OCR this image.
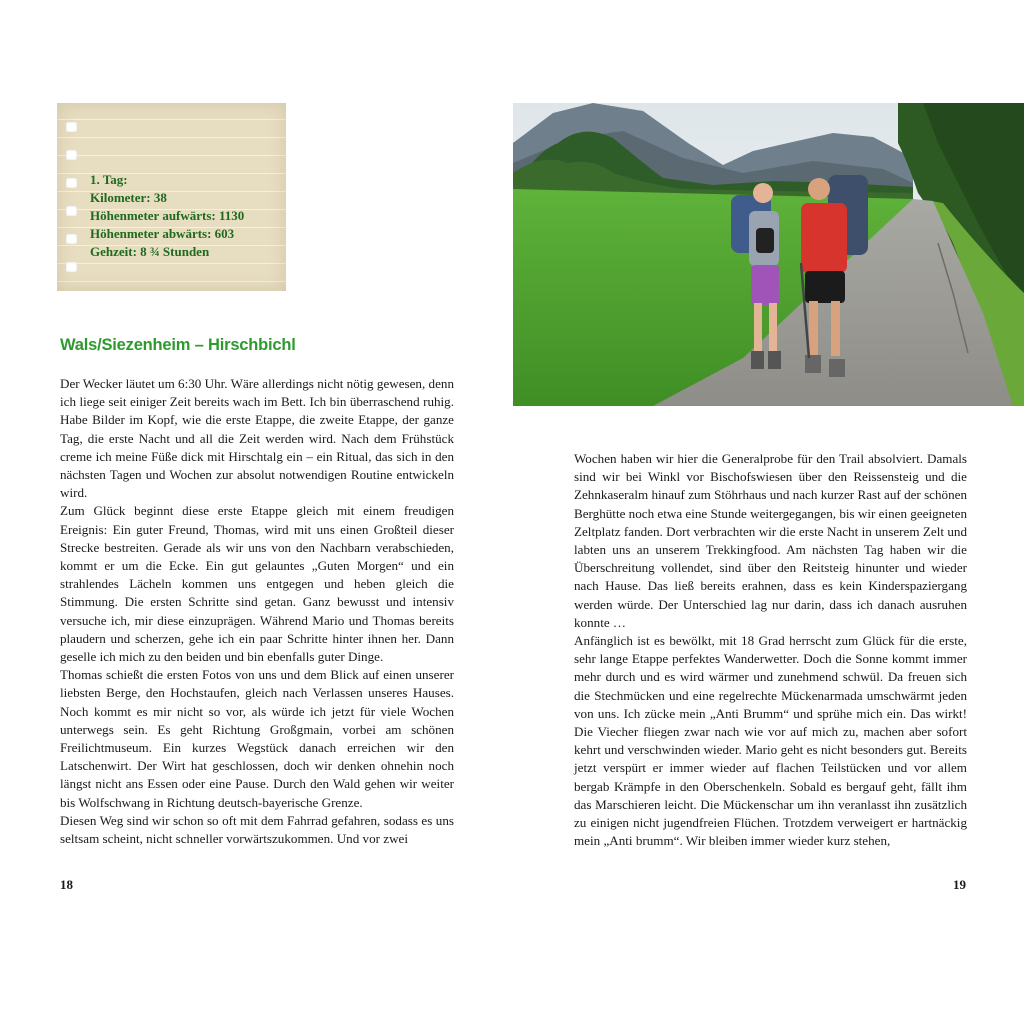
1. Tag:
Kilometer: 38
Höhenmeter aufwärts: 1130
Höhenmeter abwärts: 603
Gehzeit: 8 ¾ Stunden
Wals/Siezenheim – Hirschbichl

Der Wecker läutet um 6:30 Uhr. Wäre allerdings nicht nötig gewesen, denn ich liege seit einiger Zeit bereits wach im Bett. Ich bin überraschend ruhig. Habe Bilder im Kopf, wie die erste Etappe, die zweite Etappe, der ganze Tag, die erste Nacht und all die Zeit werden wird. Nach dem Frühstück creme ich meine Füße dick mit Hirschtalg ein – ein Ritual, das sich in den nächsten Tagen und Wochen zur absolut notwendigen Routine entwickeln wird.

Zum Glück beginnt diese erste Etappe gleich mit einem freudigen Ereignis: Ein guter Freund, Thomas, wird mit uns einen Großteil dieser Strecke bestreiten. Gerade als wir uns von den Nachbarn verabschieden, kommt er um die Ecke. Ein gut gelauntes „Guten Morgen“ und ein strahlendes Lächeln kommen uns entgegen und heben gleich die Stimmung. Die ersten Schritte sind getan. Ganz bewusst und intensiv versuche ich, mir diese einzuprägen. Während Mario und Thomas bereits plaudern und scherzen, gehe ich ein paar Schritte hinter ihnen her. Dann geselle ich mich zu den beiden und bin ebenfalls guter Dinge.

Thomas schießt die ersten Fotos von uns und dem Blick auf einen unserer liebsten Berge, den Hochstaufen, gleich nach Verlassen unseres Hauses. Noch kommt es mir nicht so vor, als würde ich jetzt für viele Wochen unterwegs sein. Es geht Richtung Großgmain, vorbei am schönen Freilichtmuseum. Ein kurzes Wegstück danach erreichen wir den Latschenwirt. Der Wirt hat geschlossen, doch wir denken ohnehin noch längst nicht ans Essen oder eine Pause. Durch den Wald gehen wir weiter bis Wolfschwang in Richtung deutsch-bayerische Grenze.

Diesen Weg sind wir schon so oft mit dem Fahrrad gefahren, sodass es uns seltsam scheint, nicht schneller vorwärtszukommen. Und vor zwei

18

Wochen haben wir hier die Generalprobe für den Trail absolviert. Damals sind wir bei Winkl vor Bischofswiesen über den Reissensteig und die Zehnkaseralm hinauf zum Stöhrhaus und nach kurzer Rast auf der schönen Berghütte noch etwa eine Stunde weitergegangen, bis wir einen geeigneten Zeltplatz fanden. Dort verbrachten wir die erste Nacht in unserem Zelt und labten uns an unserem Trekkingfood. Am nächsten Tag haben wir die Überschreitung vollendet, sind über den Reitsteig hinunter und wieder nach Hause. Das ließ bereits erahnen, dass es kein Kinderspaziergang werden würde. Der Unterschied lag nur darin, dass ich danach ausruhen konnte …

Anfänglich ist es bewölkt, mit 18 Grad herrscht zum Glück für die erste, sehr lange Etappe perfektes Wanderwetter. Doch die Sonne kommt immer mehr durch und es wird wärmer und zunehmend schwül. Da freuen sich die Stechmücken und eine regelrechte Mückenarmada umschwärmt jeden von uns. Ich zücke mein „Anti Brumm“ und sprühe mich ein. Das wirkt! Die Viecher fliegen zwar nach wie vor auf mich zu, machen aber sofort kehrt und verschwinden wieder. Mario geht es nicht besonders gut. Bereits jetzt verspürt er immer wieder auf flachen Teilstücken und vor allem bergab Krämpfe in den Oberschenkeln. Sobald es bergauf geht, fällt ihm das Marschieren leicht. Die Mückenschar um ihn veranlasst ihn zusätzlich zu einigen nicht jugendfreien Flüchen. Trotzdem verweigert er hartnäckig mein „Anti brumm“. Wir bleiben immer wieder kurz stehen,

19
